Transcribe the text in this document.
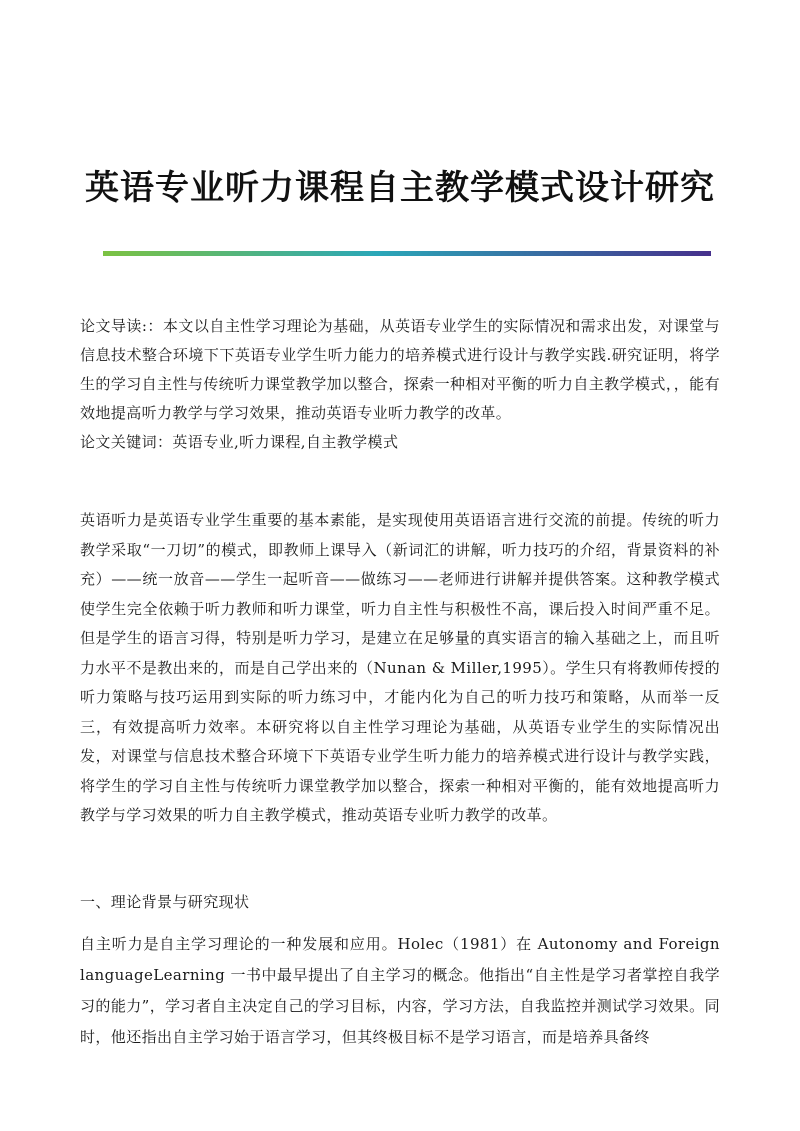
英语专业听力课程自主教学模式设计研究

论文导读:：本文以自主性学习理论为基础，从英语专业学生的实际情况和需求出发，对课堂与信息技术整合环境下下英语专业学生听力能力的培养模式进行设计与教学实践.研究证明，将学生的学习自主性与传统听力课堂教学加以整合，探索一种相对平衡的听力自主教学模式，，能有效地提高听力教学与学习效果，推动英语专业听力教学的改革。

论文关键词：英语专业,听力课程,自主教学模式

英语听力是英语专业学生重要的基本素能，是实现使用英语语言进行交流的前提。传统的听力教学采取“一刀切”的模式，即教师上课导入（新词汇的讲解，听力技巧的介绍，背景资料的补充）——统一放音——学生一起听音——做练习——老师进行讲解并提供答案。这种教学模式使学生完全依赖于听力教师和听力课堂，听力自主性与积极性不高，课后投入时间严重不足。但是学生的语言习得，特别是听力学习，是建立在足够量的真实语言的输入基础之上，而且听力水平不是教出来的，而是自己学出来的（Nunan & Miller,1995）。学生只有将教师传授的听力策略与技巧运用到实际的听力练习中，才能内化为自己的听力技巧和策略，从而举一反三，有效提高听力效率。本研究将以自主性学习理论为基础，从英语专业学生的实际情况出发，对课堂与信息技术整合环境下下英语专业学生听力能力的培养模式进行设计与教学实践，将学生的学习自主性与传统听力课堂教学加以整合，探索一种相对平衡的，能有效地提高听力教学与学习效果的听力自主教学模式，推动英语专业听力教学的改革。

一、理论背景与研究现状

自主听力是自主学习理论的一种发展和应用。Holec（1981）在 Autonomy and Foreign languageLearning 一书中最早提出了自主学习的概念。他指出“自主性是学习者掌控自我学习的能力”，学习者自主决定自己的学习目标，内容，学习方法，自我监控并测试学习效果。同时，他还指出自主学习始于语言学习，但其终极目标不是学习语言，而是培养具备终
